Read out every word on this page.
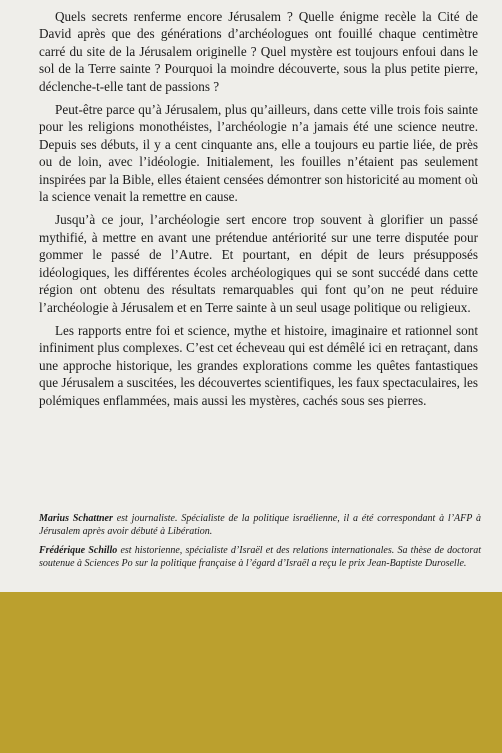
Quels secrets renferme encore Jérusalem ? Quelle énigme recèle la Cité de David après que des générations d’archéologues ont fouillé chaque centimètre carré du site de la Jérusalem originelle ? Quel mystère est toujours enfoui dans le sol de la Terre sainte ? Pourquoi la moindre découverte, sous la plus petite pierre, déclenche-t-elle tant de passions ?

Peut-être parce qu’à Jérusalem, plus qu’ailleurs, dans cette ville trois fois sainte pour les religions monothéistes, l’archéologie n’a jamais été une science neutre. Depuis ses débuts, il y a cent cinquante ans, elle a toujours eu partie liée, de près ou de loin, avec l’idéologie. Initialement, les fouilles n’étaient pas seulement inspirées par la Bible, elles étaient censées démontrer son historicité au moment où la science venait la remettre en cause.

Jusqu’à ce jour, l’archéologie sert encore trop souvent à glorifier un passé mythifié, à mettre en avant une prétendue antériorité sur une terre disputée pour gommer le passé de l’Autre. Et pourtant, en dépit de leurs présupposés idéologiques, les différentes écoles archéologiques qui se sont succédé dans cette région ont obtenu des résultats remarquables qui font qu’on ne peut réduire l’archéologie à Jérusalem et en Terre sainte à un seul usage politique ou religieux.

Les rapports entre foi et science, mythe et histoire, imaginaire et rationnel sont infiniment plus complexes. C’est cet écheveau qui est démêlé ici en retraçant, dans une approche historique, les grandes explorations comme les quêtes fantastiques que Jérusalem a suscitées, les découvertes scientifiques, les faux spectaculaires, les polémiques enflammées, mais aussi les mystères, cachés sous ses pierres.

Marius Schattner est journaliste. Spécialiste de la politique israélienne, il a été correspondant à l’AFP à Jérusalem après avoir débuté à Libération.

Frédérique Schillo est historienne, spécialiste d’Israël et des relations internationales. Sa thèse de doctorat soutenue à Sciences Po sur la politique française à l’égard d’Israël a reçu le prix Jean-Baptiste Duroselle.
